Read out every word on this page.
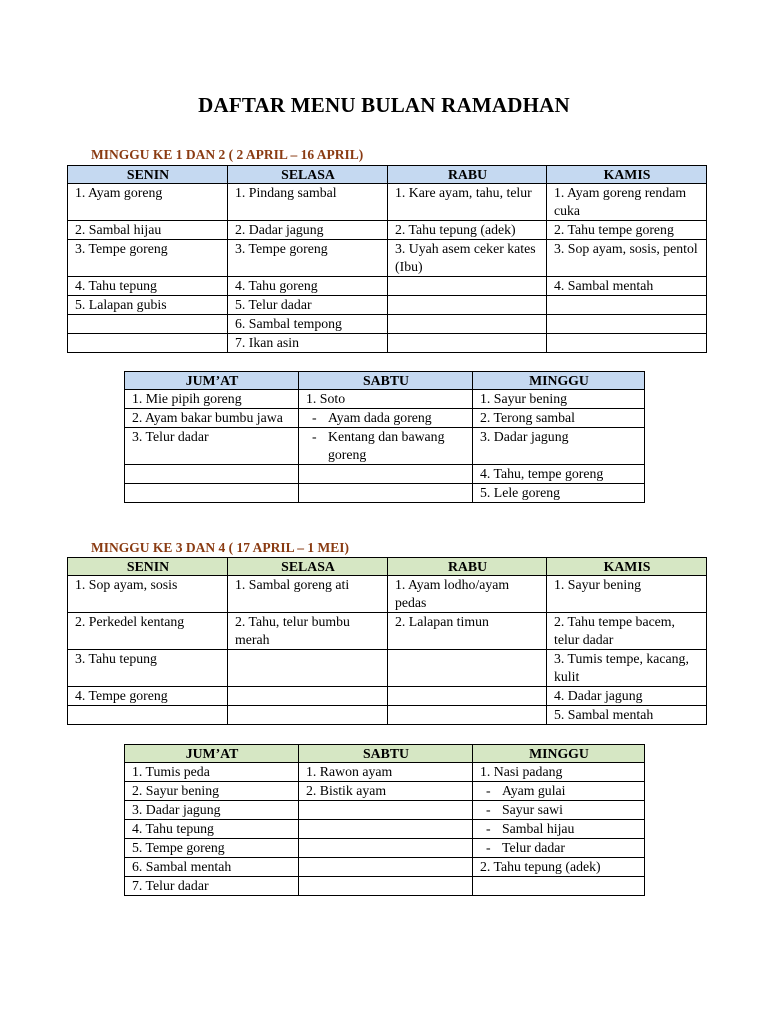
DAFTAR MENU BULAN RAMADHAN
MINGGU KE 1 DAN 2 ( 2 APRIL – 16 APRIL)
SENIN	SELASA	RABU	KAMIS
1. Ayam goreng	1. Pindang sambal	1. Kare ayam, tahu, telur	1. Ayam goreng rendam cuka
2. Sambal hijau	2. Dadar jagung	2. Tahu tepung (adek)	2. Tahu tempe goreng
3. Tempe goreng	3. Tempe goreng	3. Uyah asem ceker kates (Ibu)	3. Sop ayam, sosis, pentol
4. Tahu tepung	4. Tahu goreng		4. Sambal mentah
5. Lalapan gubis	5. Telur dadar		
	6. Sambal tempong		
	7. Ikan asin		
JUM’AT	SABTU	MINGGU
1. Mie pipih goreng	1. Soto	1. Sayur bening
2. Ayam bakar bumbu jawa	- Ayam dada goreng	2. Terong sambal
3. Telur dadar	- Kentang dan bawang goreng	3. Dadar jagung
		4. Tahu, tempe goreng
		5. Lele goreng
MINGGU KE 3 DAN 4 ( 17 APRIL – 1 MEI)
SENIN	SELASA	RABU	KAMIS
1. Sop ayam, sosis	1. Sambal goreng ati	1. Ayam lodho/ayam pedas	1. Sayur bening
2. Perkedel kentang	2. Tahu, telur bumbu merah	2. Lalapan timun	2. Tahu tempe bacem, telur dadar
3. Tahu tepung			3. Tumis tempe, kacang, kulit
4. Tempe goreng			4. Dadar jagung
			5. Sambal mentah
JUM’AT	SABTU	MINGGU
1. Tumis peda	1. Rawon ayam	1. Nasi padang
2. Sayur bening	2. Bistik ayam	- Ayam gulai

3. Dadar jagung		- Sayur sawi

4. Tahu tepung		- Sambal hijau

5. Tempe goreng		- Telur dadar

6. Sambal mentah		2. Tahu tepung (adek)
7. Telur dadar		
